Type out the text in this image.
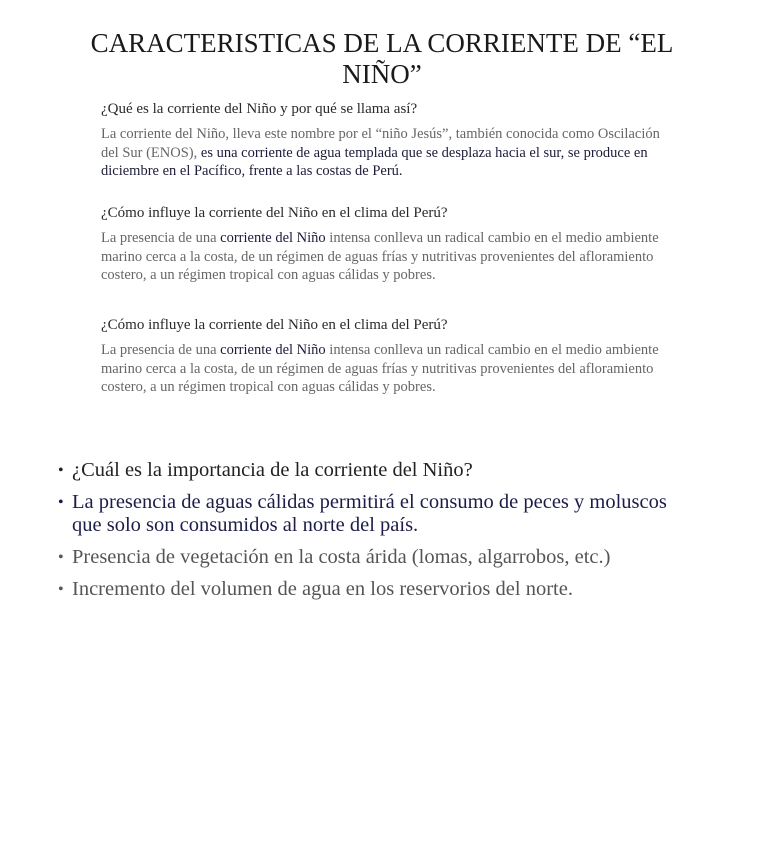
CARACTERISTICAS DE LA CORRIENTE DE “EL NIÑO”

¿Qué es la corriente del Niño y por qué se llama así?

La corriente del Niño, lleva este nombre por el “niño Jesús”, también conocida como Oscilación del Sur (ENOS), es una corriente de agua templada que se desplaza hacia el sur, se produce en diciembre en el Pacífico, frente a las costas de Perú.

¿Cómo influye la corriente del Niño en el clima del Perú?

La presencia de una corriente del Niño intensa conlleva un radical cambio en el medio ambiente marino cerca a la costa, de un régimen de aguas frías y nutritivas provenientes del afloramiento costero, a un régimen tropical con aguas cálidas y pobres.

¿Cómo influye la corriente del Niño en el clima del Perú?

La presencia de una corriente del Niño intensa conlleva un radical cambio en el medio ambiente marino cerca a la costa, de un régimen de aguas frías y nutritivas provenientes del afloramiento costero, a un régimen tropical con aguas cálidas y pobres.

• ¿Cuál es la importancia de la corriente del Niño?
• La presencia de aguas cálidas permitirá el consumo de peces y moluscos que solo son consumidos al norte del país.
• Presencia de vegetación en la costa árida (lomas, algarrobos, etc.)
• Incremento del volumen de agua en los reservorios del norte.
